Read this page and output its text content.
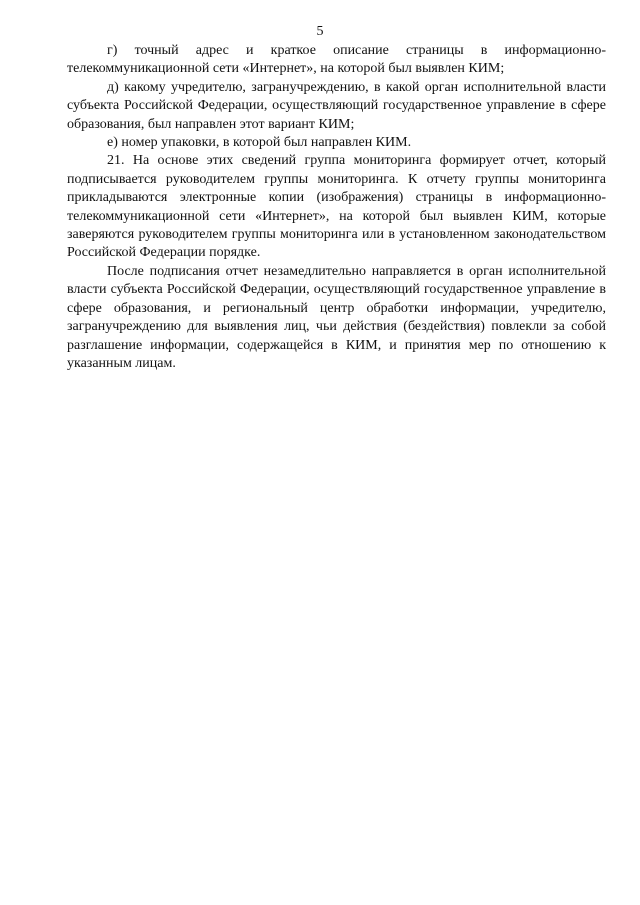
5

г) точный адрес и краткое описание страницы в информационно-телекоммуникационной сети «Интернет», на которой был выявлен КИМ;

д) какому учредителю, загранучреждению, в какой орган исполнительной власти субъекта Российской Федерации, осуществляющий государственное управление в сфере образования, был направлен этот вариант КИМ;

е) номер упаковки, в которой был направлен КИМ.

21. На основе этих сведений группа мониторинга формирует отчет, который подписывается руководителем группы мониторинга. К отчету группы мониторинга прикладываются электронные копии (изображения) страницы в информационно-телекоммуникационной сети «Интернет», на которой был выявлен КИМ, которые заверяются руководителем группы мониторинга или в установленном законодательством Российской Федерации порядке.

После подписания отчет незамедлительно направляется в орган исполнительной власти субъекта Российской Федерации, осуществляющий государственное управление в сфере образования, и региональный центр обработки информации, учредителю, загранучреждению для выявления лиц, чьи действия (бездействия) повлекли за собой разглашение информации, содержащейся в КИМ, и принятия мер по отношению к указанным лицам.
